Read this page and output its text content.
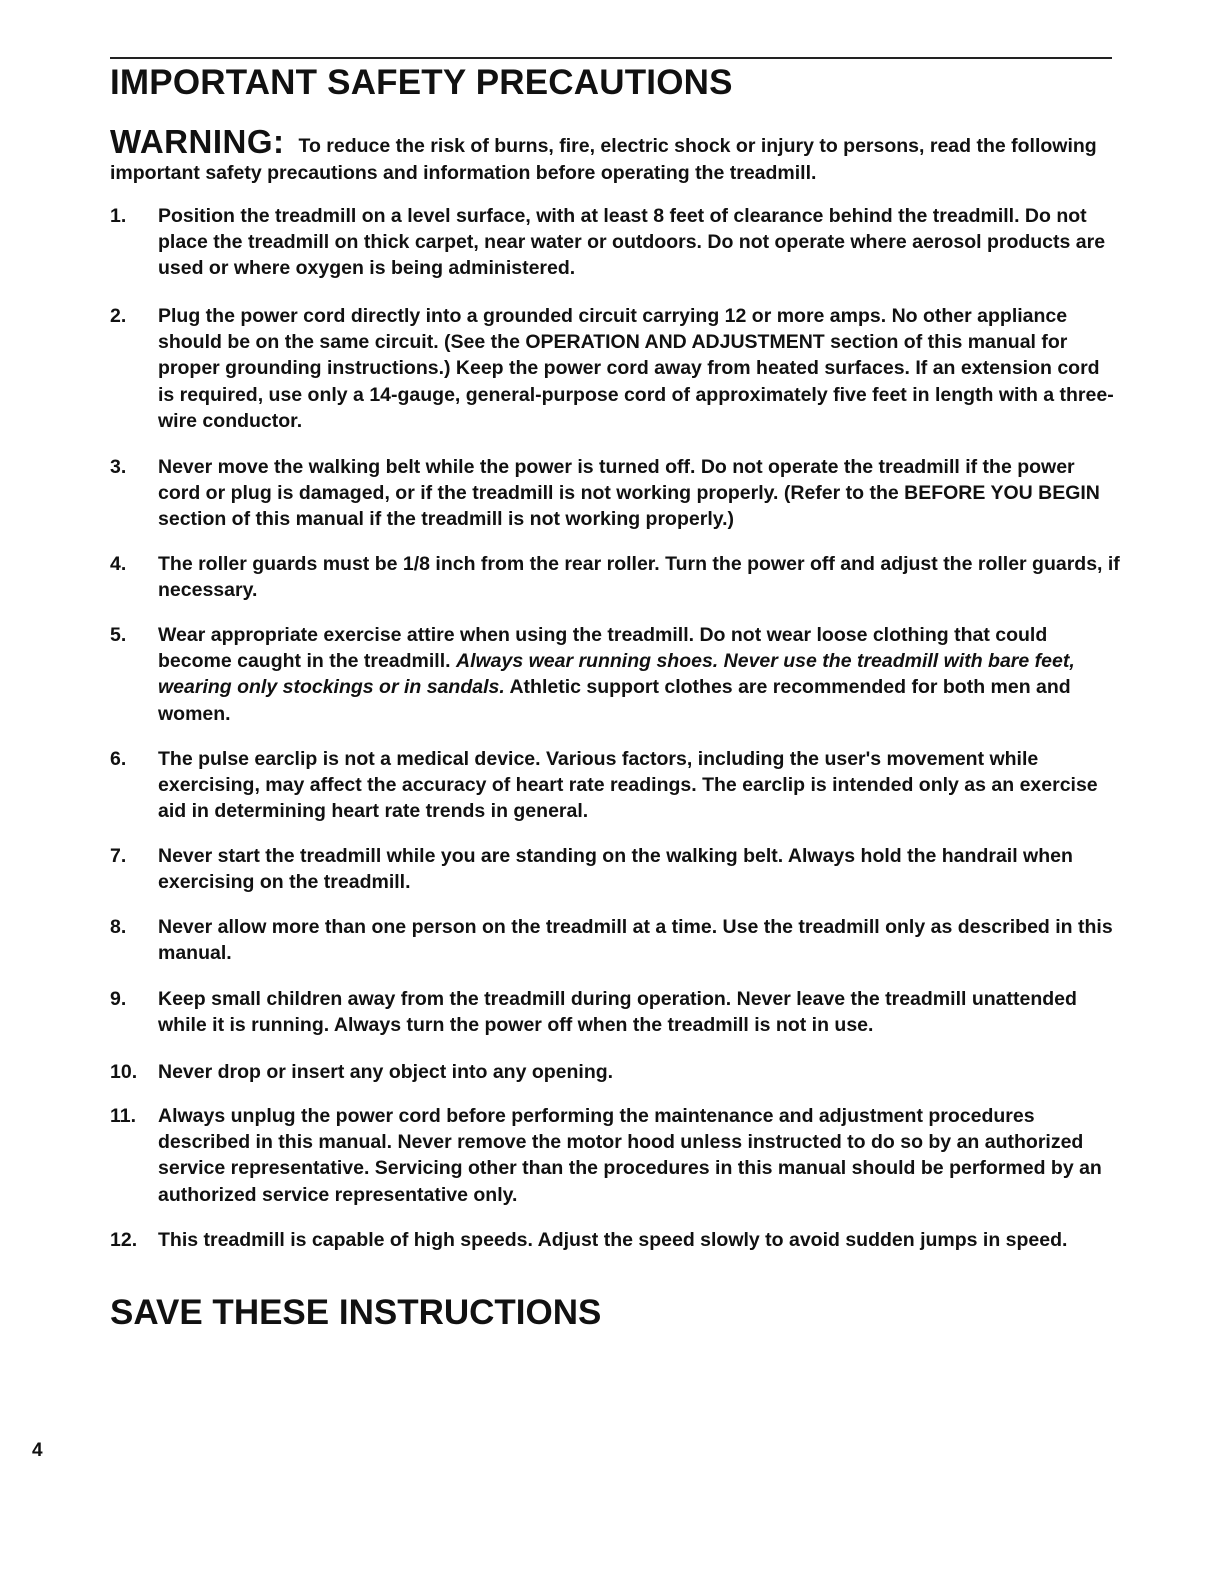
IMPORTANT SAFETY PRECAUTIONS
WARNING: To reduce the risk of burns, fire, electric shock or injury to persons, read the following important safety precautions and information before operating the treadmill.
1.	Position the treadmill on a level surface, with at least 8 feet of clearance behind the treadmill. Do not place the treadmill on thick carpet, near water or outdoors. Do not operate where aerosol products are used or where oxygen is being administered.
2.	Plug the power cord directly into a grounded circuit carrying 12 or more amps. No other appliance should be on the same circuit. (See the OPERATION AND ADJUSTMENT section of this manual for proper grounding instructions.) Keep the power cord away from heated surfaces. If an extension cord is required, use only a 14-gauge, general-purpose cord of approximately five feet in length with a three-wire conductor.
3.	Never move the walking belt while the power is turned off. Do not operate the treadmill if the power cord or plug is damaged, or if the treadmill is not working properly. (Refer to the BEFORE YOU BEGIN section of this manual if the treadmill is not working properly.)
4.	The roller guards must be 1/8 inch from the rear roller. Turn the power off and adjust the roller guards, if necessary.
5.	Wear appropriate exercise attire when using the treadmill. Do not wear loose clothing that could become caught in the treadmill. Always wear running shoes. Never use the treadmill with bare feet, wearing only stockings or in sandals. Athletic support clothes are recommended for both men and women.
6.	The pulse earclip is not a medical device. Various factors, including the user's movement while exercising, may affect the accuracy of heart rate readings. The earclip is intended only as an exercise aid in determining heart rate trends in general.
7.	Never start the treadmill while you are standing on the walking belt. Always hold the handrail when exercising on the treadmill.
8.	Never allow more than one person on the treadmill at a time. Use the treadmill only as described in this manual.
9.	Keep small children away from the treadmill during operation. Never leave the treadmill unattended while it is running. Always turn the power off when the treadmill is not in use.
10.	Never drop or insert any object into any opening.
11.	Always unplug the power cord before performing the maintenance and adjustment procedures described in this manual. Never remove the motor hood unless instructed to do so by an authorized service representative. Servicing other than the procedures in this manual should be performed by an authorized service representative only.
12.	This treadmill is capable of high speeds. Adjust the speed slowly to avoid sudden jumps in speed.
SAVE THESE INSTRUCTIONS
4
